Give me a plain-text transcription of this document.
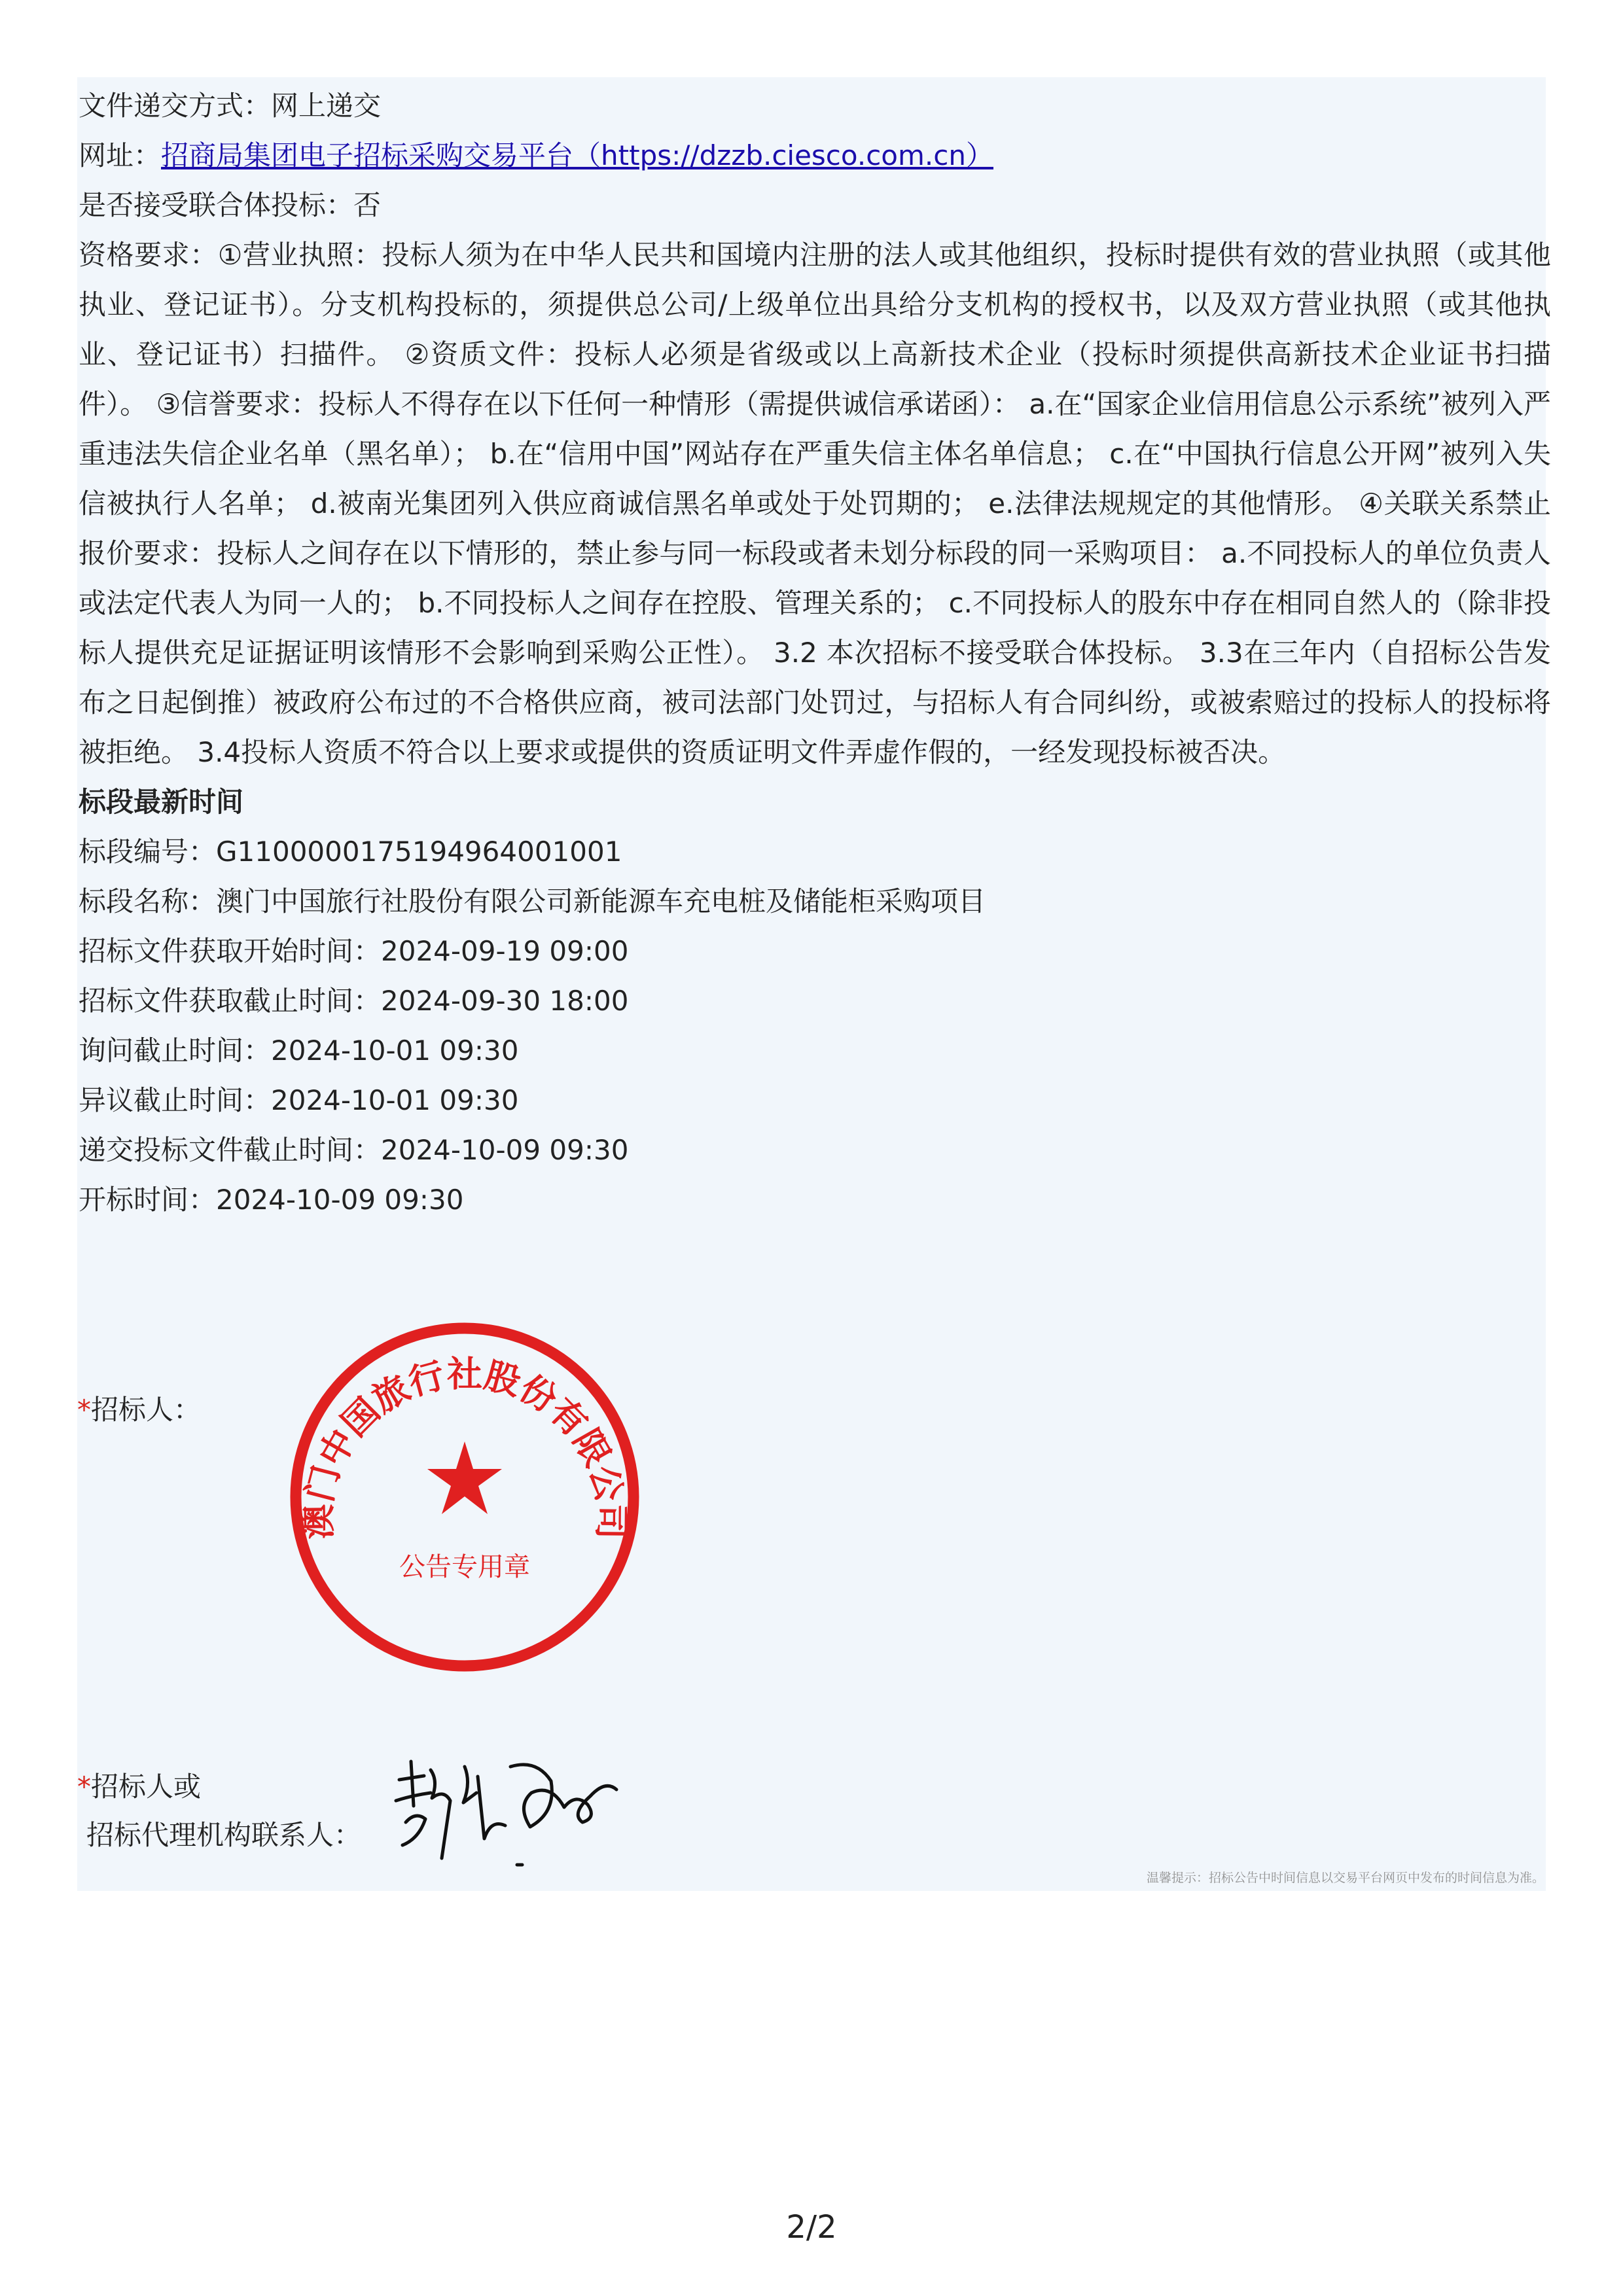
文件递交方式：网上递交
网址：招商局集团电子招标采购交易平台（https://dzzb.ciesco.com.cn）
是否接受联合体投标：否
资格要求：①营业执照：投标人须为在中华人民共和国境内注册的法人或其他组织，投标时提供有效的营业执照（或其他执业、登记证书）。分支机构投标的，须提供总公司/上级单位出具给分支机构的授权书，以及双方营业执照（或其他执业、登记证书）扫描件。 ②资质文件：投标人必须是省级或以上高新技术企业（投标时须提供高新技术企业证书扫描件）。 ③信誉要求：投标人不得存在以下任何一种情形（需提供诚信承诺函）： a.在“国家企业信用信息公示系统”被列入严重违法失信企业名单（黑名单）； b.在“信用中国”网站存在严重失信主体名单信息； c.在“中国执行信息公开网”被列入失信被执行人名单； d.被南光集团列入供应商诚信黑名单或处于处罚期的； e.法律法规规定的其他情形。 ④关联关系禁止报价要求：投标人之间存在以下情形的，禁止参与同一标段或者未划分标段的同一采购项目： a.不同投标人的单位负责人或法定代表人为同一人的； b.不同投标人之间存在控股、管理关系的； c.不同投标人的股东中存在相同自然人的（除非投标人提供充足证据证明该情形不会影响到采购公正性）。 3.2 本次招标不接受联合体投标。 3.3在三年内（自招标公告发布之日起倒推）被政府公布过的不合格供应商，被司法部门处罚过，与招标人有合同纠纷，或被索赔过的投标人的投标将被拒绝。 3.4投标人资质不符合以上要求或提供的资质证明文件弄虚作假的，一经发现投标被否决。
标段最新时间
标段编号：G1100000175194964001001
标段名称：澳门中国旅行社股份有限公司新能源车充电桩及储能柜采购项目
招标文件获取开始时间：2024-09-19 09:00
招标文件获取截止时间：2024-09-30 18:00
询问截止时间：2024-10-01 09:30
异议截止时间：2024-10-01 09:30
递交投标文件截止时间：2024-10-09 09:30
开标时间：2024-10-09 09:30
*招标人：
澳门中国旅行社股份有限公司
公告专用章
*招标人或
招标代理机构联系人：
温馨提示：招标公告中时间信息以交易平台网页中发布的时间信息为准。
2/2
